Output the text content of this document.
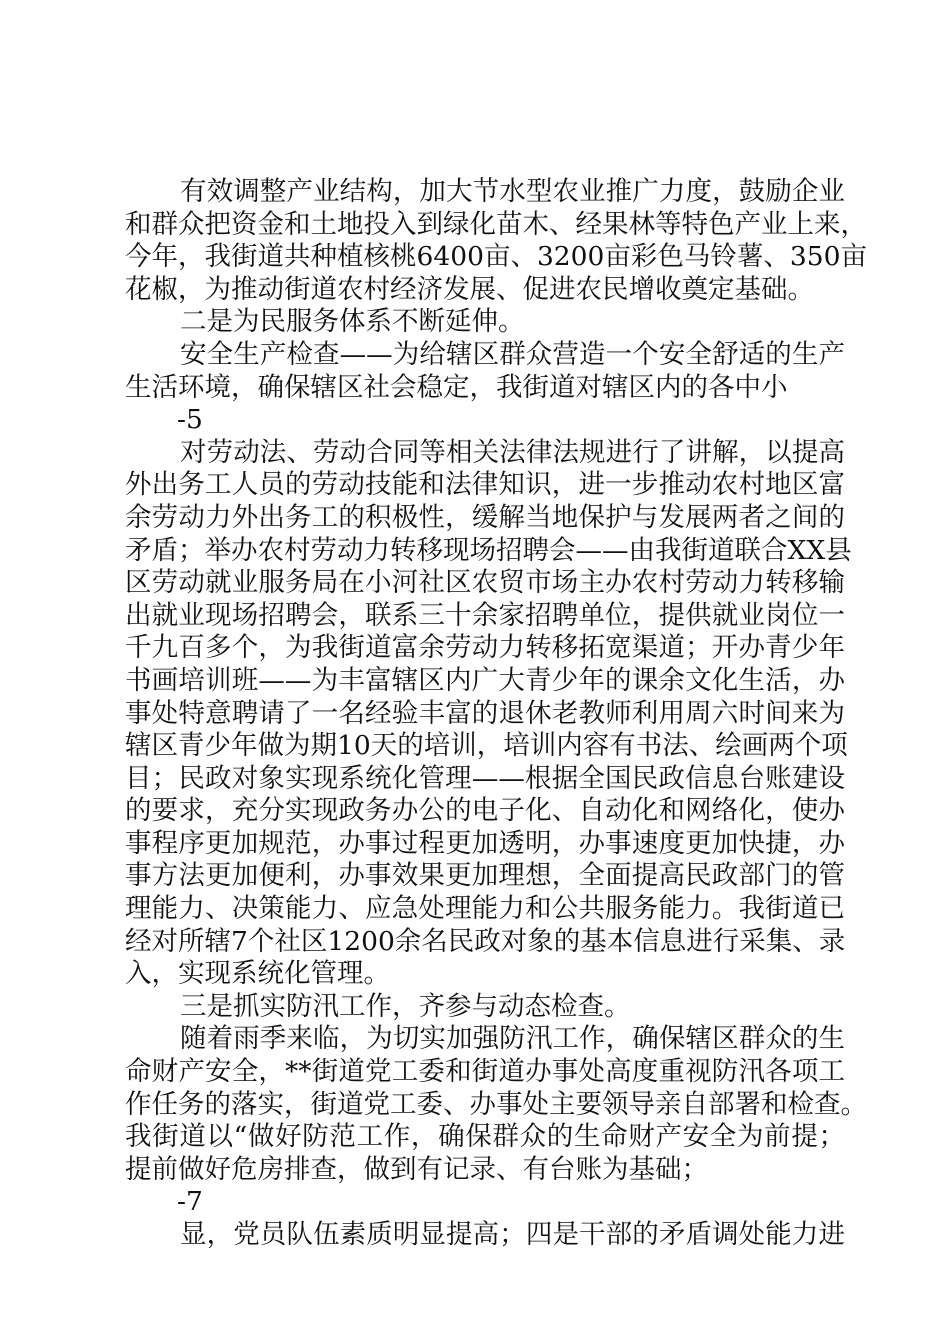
有效调整产业结构，加大节水型农业推广力度，鼓励企业
和群众把资金和土地投入到绿化苗木、经果林等特色产业上来，
今年，我街道共种植核桃6400亩、3200亩彩色马铃薯、350亩
花椒，为推动街道农村经济发展、促进农民增收奠定基础。
二是为民服务体系不断延伸。
安全生产检查——为给辖区群众营造一个安全舒适的生产
生活环境，确保辖区社会稳定，我街道对辖区内的各中小
-5
对劳动法、劳动合同等相关法律法规进行了讲解，以提高
外出务工人员的劳动技能和法律知识，进一步推动农村地区富
余劳动力外出务工的积极性，缓解当地保护与发展两者之间的
矛盾；举办农村劳动力转移现场招聘会——由我街道联合XX县
区劳动就业服务局在小河社区农贸市场主办农村劳动力转移输
出就业现场招聘会，联系三十余家招聘单位，提供就业岗位一
千九百多个，为我街道富余劳动力转移拓宽渠道；开办青少年
书画培训班——为丰富辖区内广大青少年的课余文化生活，办
事处特意聘请了一名经验丰富的退休老教师利用周六时间来为
辖区青少年做为期10天的培训，培训内容有书法、绘画两个项
目；民政对象实现系统化管理——根据全国民政信息台账建设
的要求，充分实现政务办公的电子化、自动化和网络化，使办
事程序更加规范，办事过程更加透明，办事速度更加快捷，办
事方法更加便利，办事效果更加理想，全面提高民政部门的管
理能力、决策能力、应急处理能力和公共服务能力。我街道已
经对所辖7个社区1200余名民政对象的基本信息进行采集、录
入，实现系统化管理。
三是抓实防汛工作，齐参与动态检查。
随着雨季来临，为切实加强防汛工作，确保辖区群众的生
命财产安全，**街道党工委和街道办事处高度重视防汛各项工
作任务的落实，街道党工委、办事处主要领导亲自部署和检查。
我街道以“做好防范工作，确保群众的生命财产安全为前提；
提前做好危房排查，做到有记录、有台账为基础；
-7
显，党员队伍素质明显提高；四是干部的矛盾调处能力进
